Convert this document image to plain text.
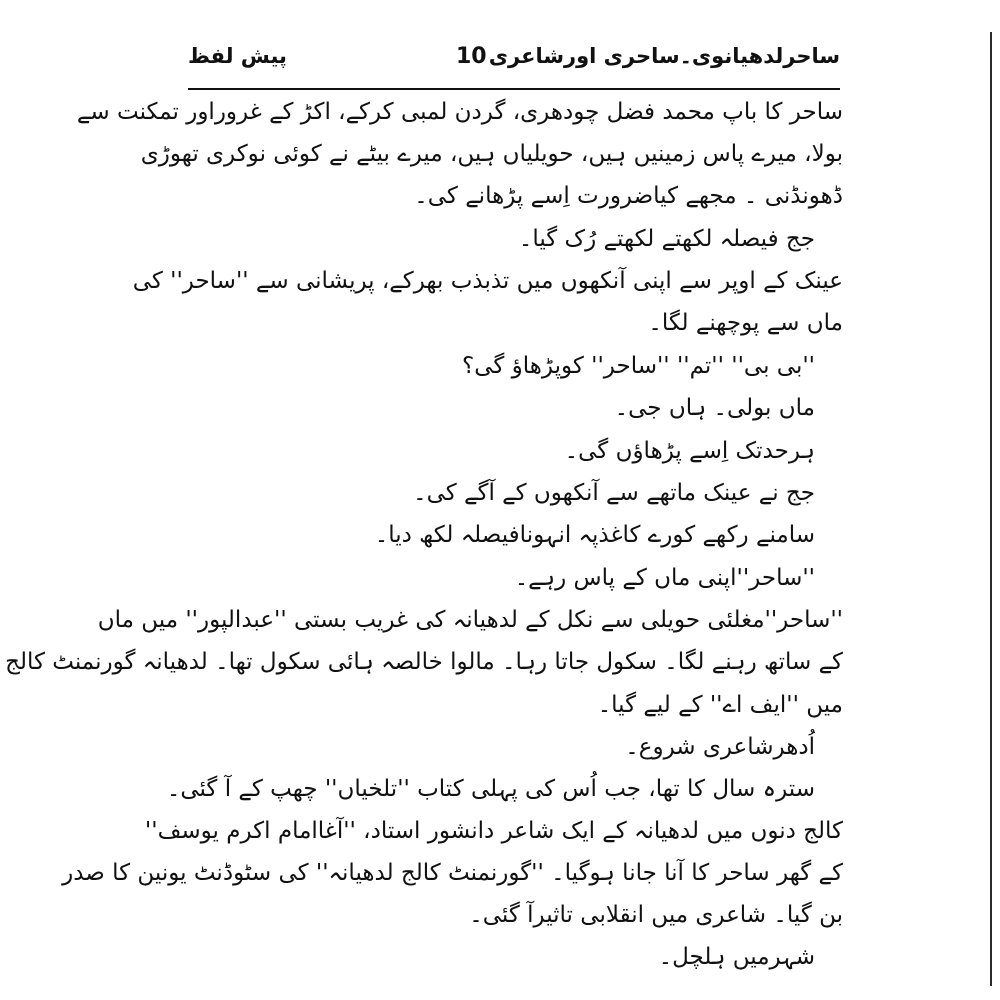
ساحرلدھیانوی۔ساحری اورشاعری
10
پیش لفظ
ساحر کا باپ محمد فضل چودھری، گردن لمبی کرکے، اکڑ کے غروراور تمکنت سے
بولا، میرے پاس زمینیں ہیں، حویلیاں ہیں، میرے بیٹے نے کوئی نوکری تھوڑی
ڈھونڈنی ۔ مجھے کیاضرورت اِسے پڑھانے کی۔
جج فیصلہ لکھتے لکھتے رُک گیا۔
عینک کے اوپر سے اپنی آنکھوں میں تذبذب بھرکے، پریشانی سے ''ساحر'' کی
ماں سے پوچھنے لگا۔
''بی بی'' ''تم'' ''ساحر'' کوپڑھاؤ گی؟
ماں بولی۔ ہاں جی۔
ہرحدتک اِسے پڑھاؤں گی۔
جج نے عینک ماتھے سے آنکھوں کے آگے کی۔
سامنے رکھے کورے کاغذپہ انہونافیصلہ لکھ دیا۔
''ساحر''اپنی ماں کے پاس رہے۔
''ساحر''مغلئی حویلی سے نکل کے لدھیانہ کی غریب بستی ''عبدالپور'' میں ماں
کے ساتھ رہنے لگا۔ سکول جاتا رہا۔ مالوا خالصہ ہائی سکول تھا۔ لدھیانہ گورنمنٹ کالج
میں ''ایف اے'' کے لیے گیا۔
اُدھرشاعری شروع۔
سترہ سال کا تھا، جب اُس کی پہلی کتاب ''تلخیاں'' چھپ کے آ گئی۔
کالج دنوں میں لدھیانہ کے ایک شاعر دانشور استاد، ''آغاامام اکرم یوسف''
کے گھر ساحر کا آنا جانا ہوگیا۔ ''گورنمنٹ کالج لدھیانہ'' کی سٹوڈنٹ یونین کا صدر
بن گیا۔ شاعری میں انقلابی تاثیرآ گئی۔
شہرمیں ہلچل۔
